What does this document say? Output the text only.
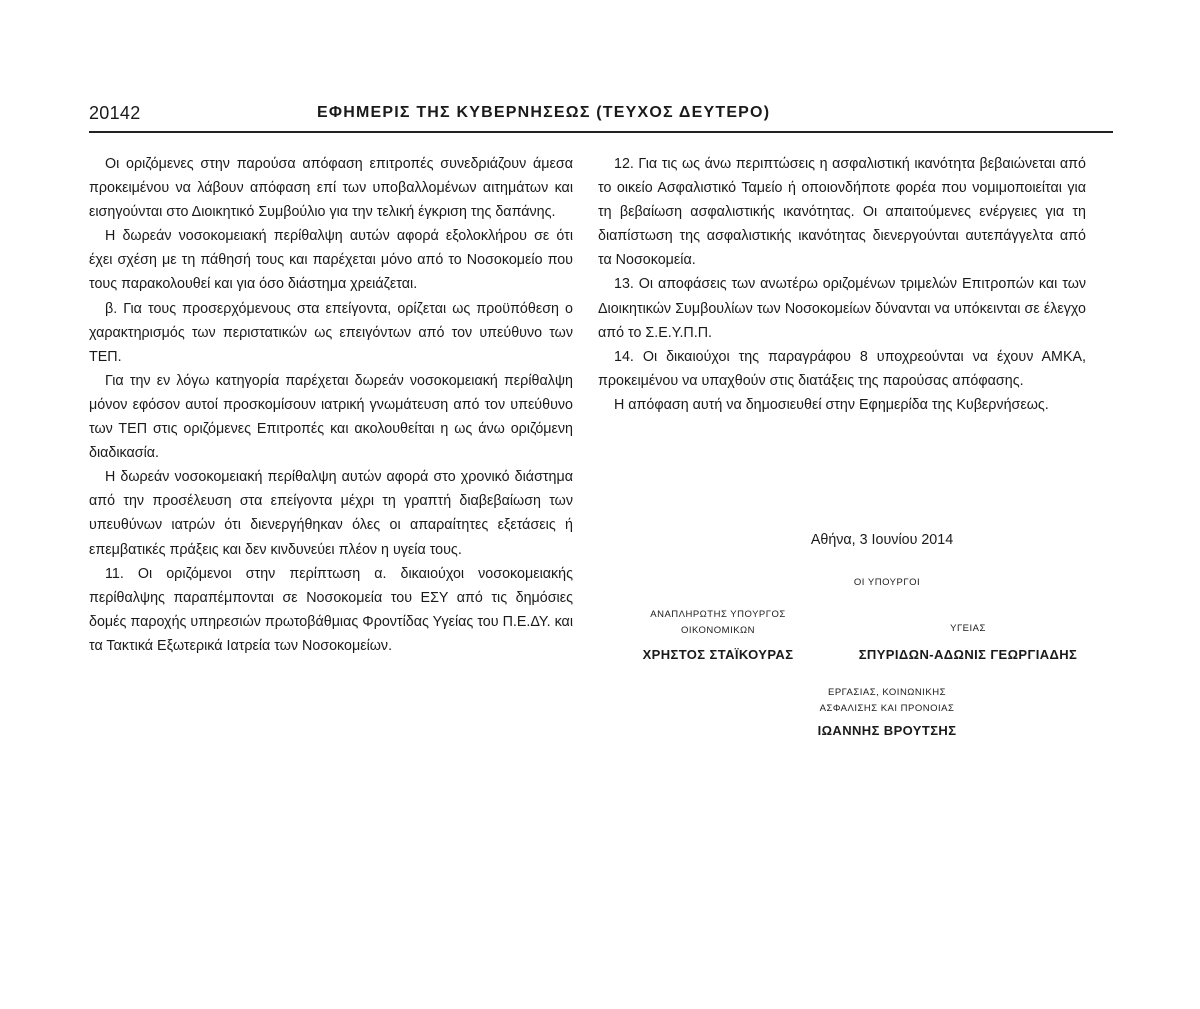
20142	ΕΦΗΜΕΡΙΣ ΤΗΣ ΚΥΒΕΡΝΗΣΕΩΣ (ΤΕΥΧΟΣ ΔΕΥΤΕΡΟ)

Οι οριζόμενες στην παρούσα απόφαση επιτροπές συνεδριάζουν άμεσα προκειμένου να λάβουν απόφαση επί των υποβαλλομένων αιτημάτων και εισηγούνται στο Διοικητικό Συμβούλιο για την τελική έγκριση της δαπάνης.

Η δωρεάν νοσοκομειακή περίθαλψη αυτών αφορά εξολοκλήρου σε ότι έχει σχέση με τη πάθησή τους και παρέχεται μόνο από το Νοσοκομείο που τους παρακολουθεί και για όσο διάστημα χρειάζεται.

β. Για τους προσερχόμενους στα επείγοντα, ορίζεται ως προϋπόθεση ο χαρακτηρισμός των περιστατικών ως επειγόντων από τον υπεύθυνο των ΤΕΠ.

Για την εν λόγω κατηγορία παρέχεται δωρεάν νοσοκομειακή περίθαλψη μόνον εφόσον αυτοί προσκομίσουν ιατρική γνωμάτευση από τον υπεύθυνο των ΤΕΠ στις οριζόμενες Επιτροπές και ακολουθείται η ως άνω οριζόμενη διαδικασία.

Η δωρεάν νοσοκομειακή περίθαλψη αυτών αφορά στο χρονικό διάστημα από την προσέλευση στα επείγοντα μέχρι τη γραπτή διαβεβαίωση των υπευθύνων ιατρών ότι διενεργήθηκαν όλες οι απαραίτητες εξετάσεις ή επεμβατικές πράξεις και δεν κινδυνεύει πλέον η υγεία τους.

11. Οι οριζόμενοι στην περίπτωση α. δικαιούχοι νοσοκομειακής περίθαλψης παραπέμπονται σε Νοσοκομεία του ΕΣΥ από τις δημόσιες δομές παροχής υπηρεσιών πρωτοβάθμιας Φροντίδας Υγείας του Π.Ε.ΔΥ. και τα Τακτικά Εξωτερικά Ιατρεία των Νοσοκομείων.

12. Για τις ως άνω περιπτώσεις η ασφαλιστική ικανότητα βεβαιώνεται από το οικείο Ασφαλιστικό Ταμείο ή οποιονδήποτε φορέα που νομιμοποιείται για τη βεβαίωση ασφαλιστικής ικανότητας. Οι απαιτούμενες ενέργειες για τη διαπίστωση της ασφαλιστικής ικανότητας διενεργούνται αυτεπάγγελτα από τα Νοσοκομεία.

13. Οι αποφάσεις των ανωτέρω οριζομένων τριμελών Επιτροπών και των Διοικητικών Συμβουλίων των Νοσοκομείων δύνανται να υπόκεινται σε έλεγχο από το Σ.Ε.Υ.Π.Π.

14. Οι δικαιούχοι της παραγράφου 8 υποχρεούνται να έχουν ΑΜΚΑ, προκειμένου να υπαχθούν στις διατάξεις της παρούσας απόφασης.

Η απόφαση αυτή να δημοσιευθεί στην Εφημερίδα της Κυβερνήσεως.

Αθήνα, 3 Ιουνίου 2014
ΟΙ ΥΠΟΥΡΓΟΙ
ΑΝΑΠΛΗΡΩΤΗΣ ΥΠΟΥΡΓΟΣ
ΟΙΚΟΝΟΜΙΚΩΝ	ΥΓΕΙΑΣ
ΧΡΗΣΤΟΣ ΣΤΑΪΚΟΥΡΑΣ	ΣΠΥΡΙΔΩΝ-ΑΔΩΝΙΣ ΓΕΩΡΓΙΑΔΗΣ
ΕΡΓΑΣΙΑΣ, ΚΟΙΝΩΝΙΚΗΣ
ΑΣΦΑΛΙΣΗΣ ΚΑΙ ΠΡΟΝΟΙΑΣ
ΙΩΑΝΝΗΣ ΒΡΟΥΤΣΗΣ
